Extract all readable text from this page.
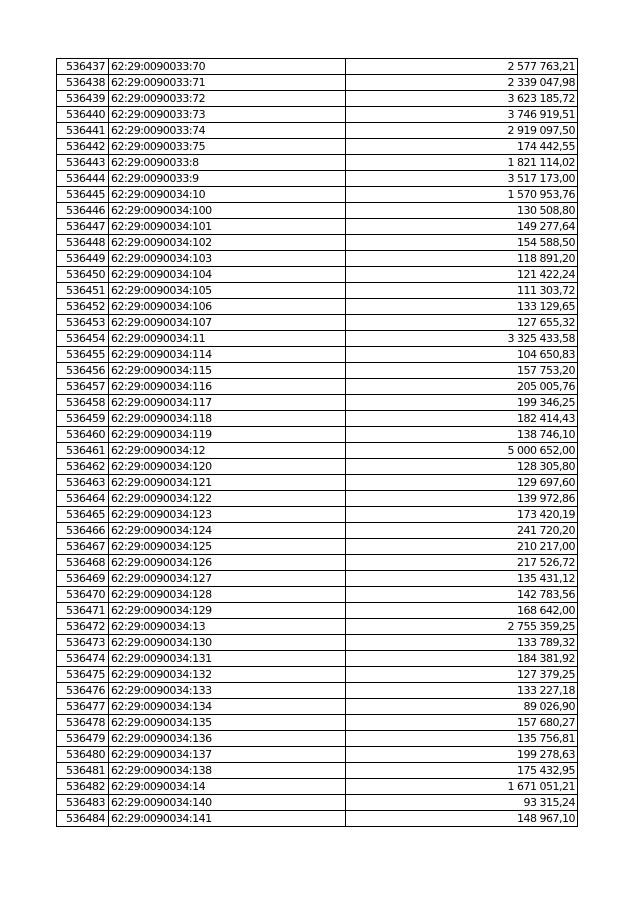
536437	62:29:0090033:70	2 577 763,21
536438	62:29:0090033:71	2 339 047,98
536439	62:29:0090033:72	3 623 185,72
536440	62:29:0090033:73	3 746 919,51
536441	62:29:0090033:74	2 919 097,50
536442	62:29:0090033:75	174 442,55
536443	62:29:0090033:8	1 821 114,02
536444	62:29:0090033:9	3 517 173,00
536445	62:29:0090034:10	1 570 953,76
536446	62:29:0090034:100	130 508,80
536447	62:29:0090034:101	149 277,64
536448	62:29:0090034:102	154 588,50
536449	62:29:0090034:103	118 891,20
536450	62:29:0090034:104	121 422,24
536451	62:29:0090034:105	111 303,72
536452	62:29:0090034:106	133 129,65
536453	62:29:0090034:107	127 655,32
536454	62:29:0090034:11	3 325 433,58
536455	62:29:0090034:114	104 650,83
536456	62:29:0090034:115	157 753,20
536457	62:29:0090034:116	205 005,76
536458	62:29:0090034:117	199 346,25
536459	62:29:0090034:118	182 414,43
536460	62:29:0090034:119	138 746,10
536461	62:29:0090034:12	5 000 652,00
536462	62:29:0090034:120	128 305,80
536463	62:29:0090034:121	129 697,60
536464	62:29:0090034:122	139 972,86
536465	62:29:0090034:123	173 420,19
536466	62:29:0090034:124	241 720,20
536467	62:29:0090034:125	210 217,00
536468	62:29:0090034:126	217 526,72
536469	62:29:0090034:127	135 431,12
536470	62:29:0090034:128	142 783,56
536471	62:29:0090034:129	168 642,00
536472	62:29:0090034:13	2 755 359,25
536473	62:29:0090034:130	133 789,32
536474	62:29:0090034:131	184 381,92
536475	62:29:0090034:132	127 379,25
536476	62:29:0090034:133	133 227,18
536477	62:29:0090034:134	89 026,90
536478	62:29:0090034:135	157 680,27
536479	62:29:0090034:136	135 756,81
536480	62:29:0090034:137	199 278,63
536481	62:29:0090034:138	175 432,95
536482	62:29:0090034:14	1 671 051,21
536483	62:29:0090034:140	93 315,24
536484	62:29:0090034:141	148 967,10
